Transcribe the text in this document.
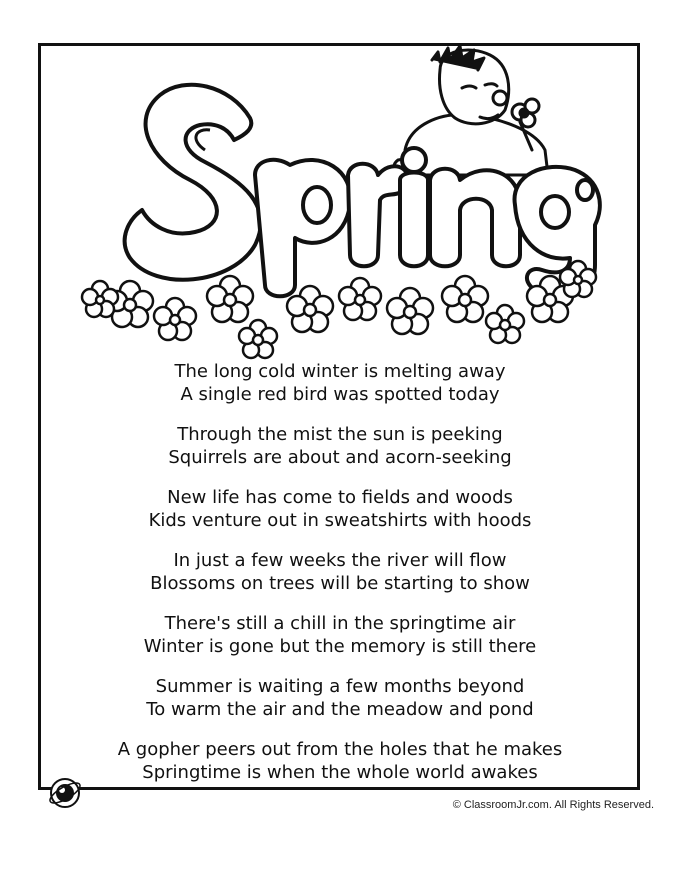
The long cold winter is melting away
A single red bird was spotted today
Through the mist the sun is peeking
Squirrels are about and acorn-seeking
New life has come to fields and woods
Kids venture out in sweatshirts with hoods
In just a few weeks the river will flow
Blossoms on trees will be starting to show
There's still a chill in the springtime air
Winter is gone but the memory is still there
Summer is waiting a few months beyond
To warm the air and the meadow and pond
A gopher peers out from the holes that he makes
Springtime is when the whole world awakes
© ClassroomJr.com. All Rights Reserved.
